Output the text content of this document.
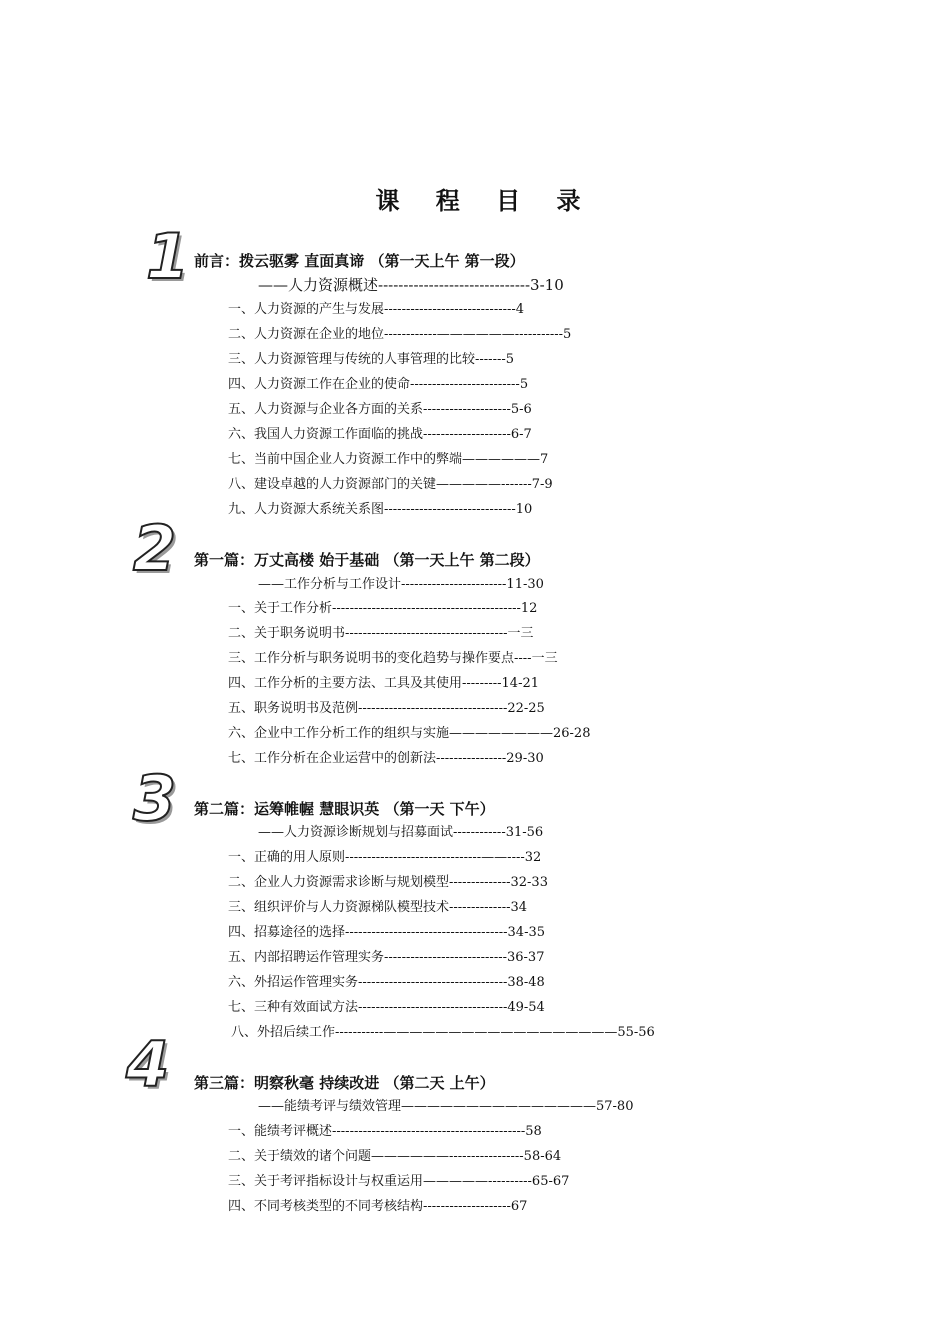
课 程 目 录
1 前言：拨云驱雾 直面真谛 （第一天上午 第一段）
——人力资源概述------------------------------3-10
一、人力资源的产生与发展------------------------------4
二、人力资源在企业的地位------------——————-----------5
三、人力资源管理与传统的人事管理的比较-------5
四、人力资源工作在企业的使命-------------------------5
五、人力资源与企业各方面的关系--------------------5-6
六、我国人力资源工作面临的挑战--------------------6-7
七、当前中国企业人力资源工作中的弊端——————7
八、建设卓越的人力资源部门的关键—————-------7-9
九、人力资源大系统关系图------------------------------10
2 第一篇：万丈高楼 始于基础 （第一天上午 第二段）
——工作分析与工作设计------------------------11-30
一、关于工作分析-------------------------------------------12
二、关于职务说明书-------------------------------------一三
三、工作分析与职务说明书的变化趋势与操作要点----一三
四、工作分析的主要方法、工具及其使用---------14-21
五、职务说明书及范例----------------------------------22-25
六、企业中工作分析工作的组织与实施————————26-28
七、工作分析在企业运营中的创新法----------------29-30
3 第二篇：运筹帷幄 慧眼识英 （第一天 下午）
——人力资源诊断规划与招募面试------------31-56
一、正确的用人原则-------------------------------——----32
二、企业人力资源需求诊断与规划模型--------------32-33
三、组织评价与人力资源梯队模型技术--------------34
四、招募途径的选择-------------------------------------34-35
五、内部招聘运作管理实务----------------------------36-37
六、外招运作管理实务----------------------------------38-48
七、三种有效面试方法----------------------------------49-54
八、外招后续工作-----------——————————————————55-56
4 第三篇：明察秋毫 持续改进 （第二天 上午）
——能绩考评与绩效管理———————————————57-80
一、能绩考评概述--------------------------------------------58
二、关于绩效的诸个问题——————-----------------58-64
三、关于考评指标设计与权重运用—————----------65-67
四、不同考核类型的不同考核结构--------------------67
